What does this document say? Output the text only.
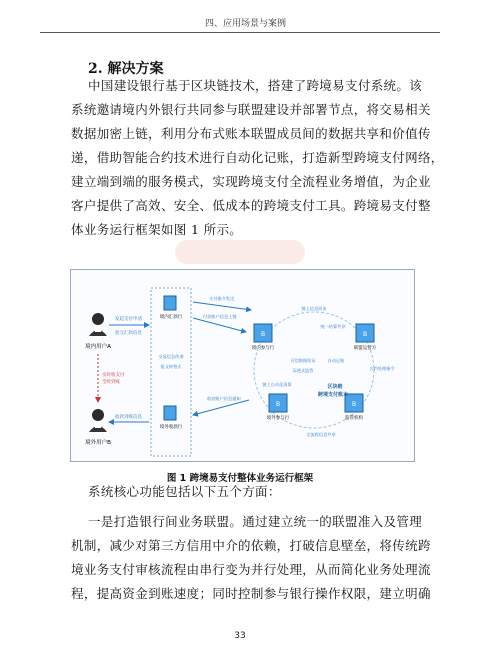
四、应用场景与案例
2. 解决方案
中国建设银行基于区块链技术，搭建了跨境易支付系统。该
系统邀请境内外银行共同参与联盟建设并部署节点，将交易相关
数据加密上链，利用分布式账本联盟成员间的数据共享和价值传
递，借助智能合约技术进行自动化记账，打造新型跨境支付网络，
建立端到端的服务模式，实现跨境支付全流程业务增值，为企业
客户提供了高效、安全、低成本的跨境支付工具。跨境易支付整
体业务运行框架如图 1 所示。
境内用户A
境外用户B
实时收支付
全时到账
发起支付申请
验交汇款信息
收款到账信息
境内汇款行
交易信息传递
报文转格式
境外收款行
支付指令发送
付款账户信息上链
收款账户信息通知
B
境内参与行
B
联盟运营方
B
境外参与行
B
监管机构
链上信息同步
统一结算共享
可信数据验证	自动记账
穿透式监管
全流程信息共享
链上自动化清算
合约处理指令
区块链
跨境支付账本
图 1 跨境易支付整体业务运行框架
系统核心功能包括以下五个方面：
一是打造银行间业务联盟。通过建立统一的联盟准入及管理
机制，减少对第三方信用中介的依赖，打破信息壁垒，将传统跨
境业务支付审核流程由串行变为并行处理，从而简化业务处理流
程，提高资金到账速度；同时控制参与银行操作权限，建立明确
33
